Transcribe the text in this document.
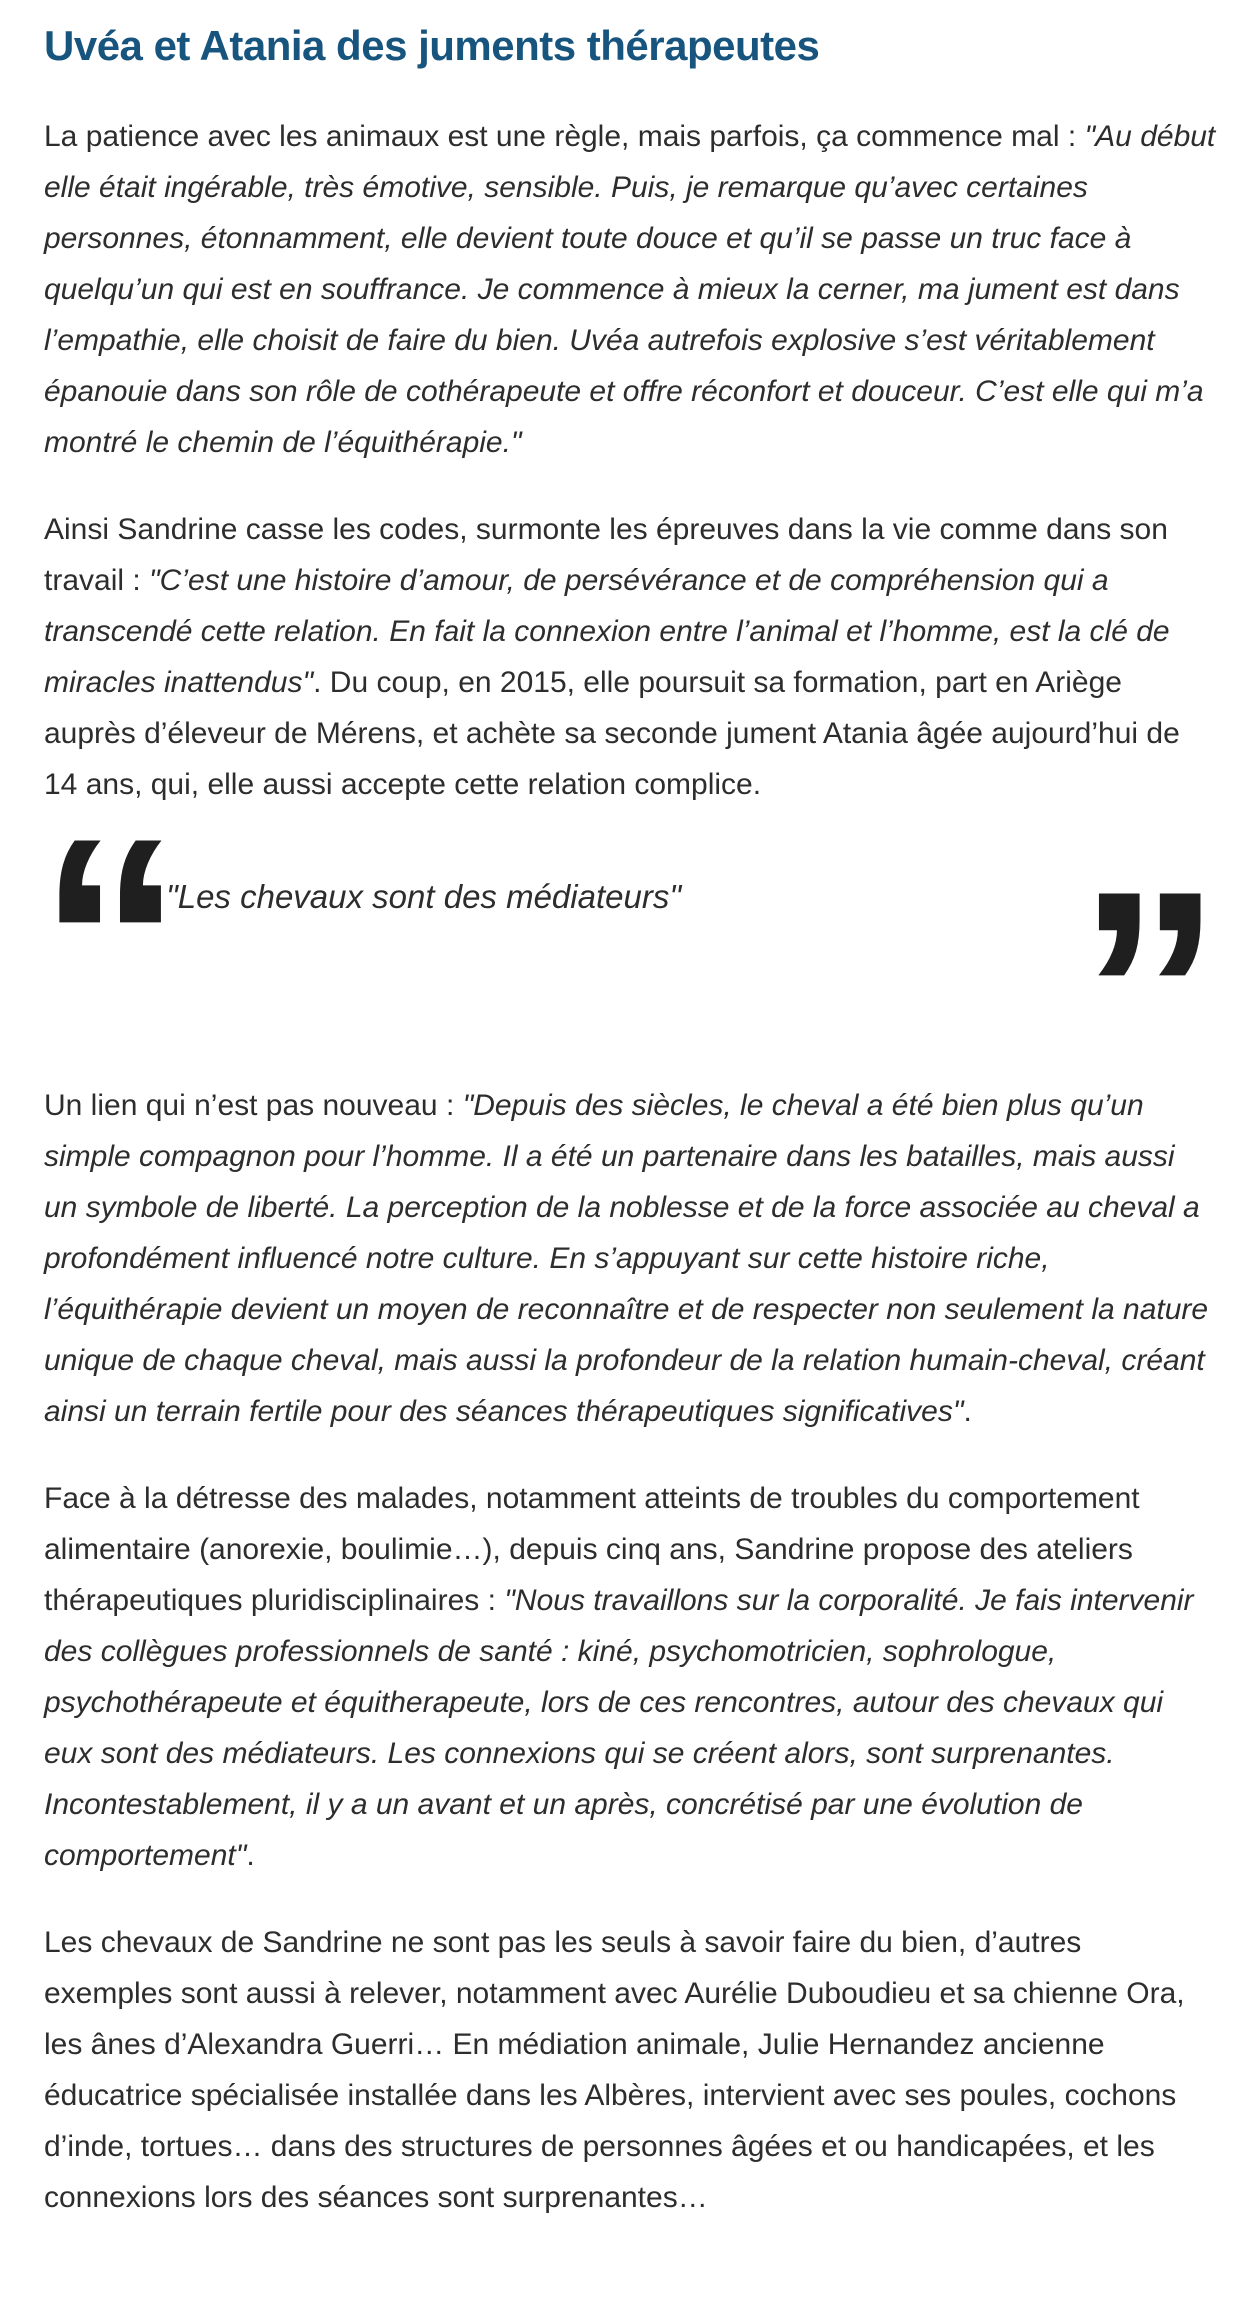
Uvéa et Atania des juments thérapeutes

La patience avec les animaux est une règle, mais parfois, ça commence mal : "Au début elle était ingérable, très émotive, sensible. Puis, je remarque qu’avec certaines personnes, étonnamment, elle devient toute douce et qu’il se passe un truc face à quelqu’un qui est en souffrance. Je commence à mieux la cerner, ma jument est dans l’empathie, elle choisit de faire du bien. Uvéa autrefois explosive s’est véritablement épanouie dans son rôle de cothérapeute et offre réconfort et douceur. C’est elle qui m’a montré le chemin de l’équithérapie."

Ainsi Sandrine casse les codes, surmonte les épreuves dans la vie comme dans son travail : "C’est une histoire d’amour, de persévérance et de compréhension qui a transcendé cette relation. En fait la connexion entre l’animal et l’homme, est la clé de miracles inattendus". Du coup, en 2015, elle poursuit sa formation, part en Ariège auprès d’éleveur de Mérens, et achète sa seconde jument Atania âgée aujourd’hui de 14 ans, qui, elle aussi accepte cette relation complice.

“
"Les chevaux sont des médiateurs" ”

Un lien qui n’est pas nouveau : "Depuis des siècles, le cheval a été bien plus qu’un simple compagnon pour l’homme. Il a été un partenaire dans les batailles, mais aussi un symbole de liberté. La perception de la noblesse et de la force associée au cheval a profondément influencé notre culture. En s’appuyant sur cette histoire riche, l’équithérapie devient un moyen de reconnaître et de respecter non seulement la nature unique de chaque cheval, mais aussi la profondeur de la relation humain-cheval, créant ainsi un terrain fertile pour des séances thérapeutiques significatives".

Face à la détresse des malades, notamment atteints de troubles du comportement alimentaire (anorexie, boulimie…), depuis cinq ans, Sandrine propose des ateliers thérapeutiques pluridisciplinaires : "Nous travaillons sur la corporalité. Je fais intervenir des collègues professionnels de santé : kiné, psychomotricien, sophrologue, psychothérapeute et équitherapeute, lors de ces rencontres, autour des chevaux qui eux sont des médiateurs. Les connexions qui se créent alors, sont surprenantes. Incontestablement, il y a un avant et un après, concrétisé par une évolution de comportement".

Les chevaux de Sandrine ne sont pas les seuls à savoir faire du bien, d’autres exemples sont aussi à relever, notamment avec Aurélie Duboudieu et sa chienne Ora, les ânes d’Alexandra Guerri… En médiation animale, Julie Hernandez ancienne éducatrice spécialisée installée dans les Albères, intervient avec ses poules, cochons d’inde, tortues… dans des structures de personnes âgées et ou handicapées, et les connexions lors des séances sont surprenantes…
